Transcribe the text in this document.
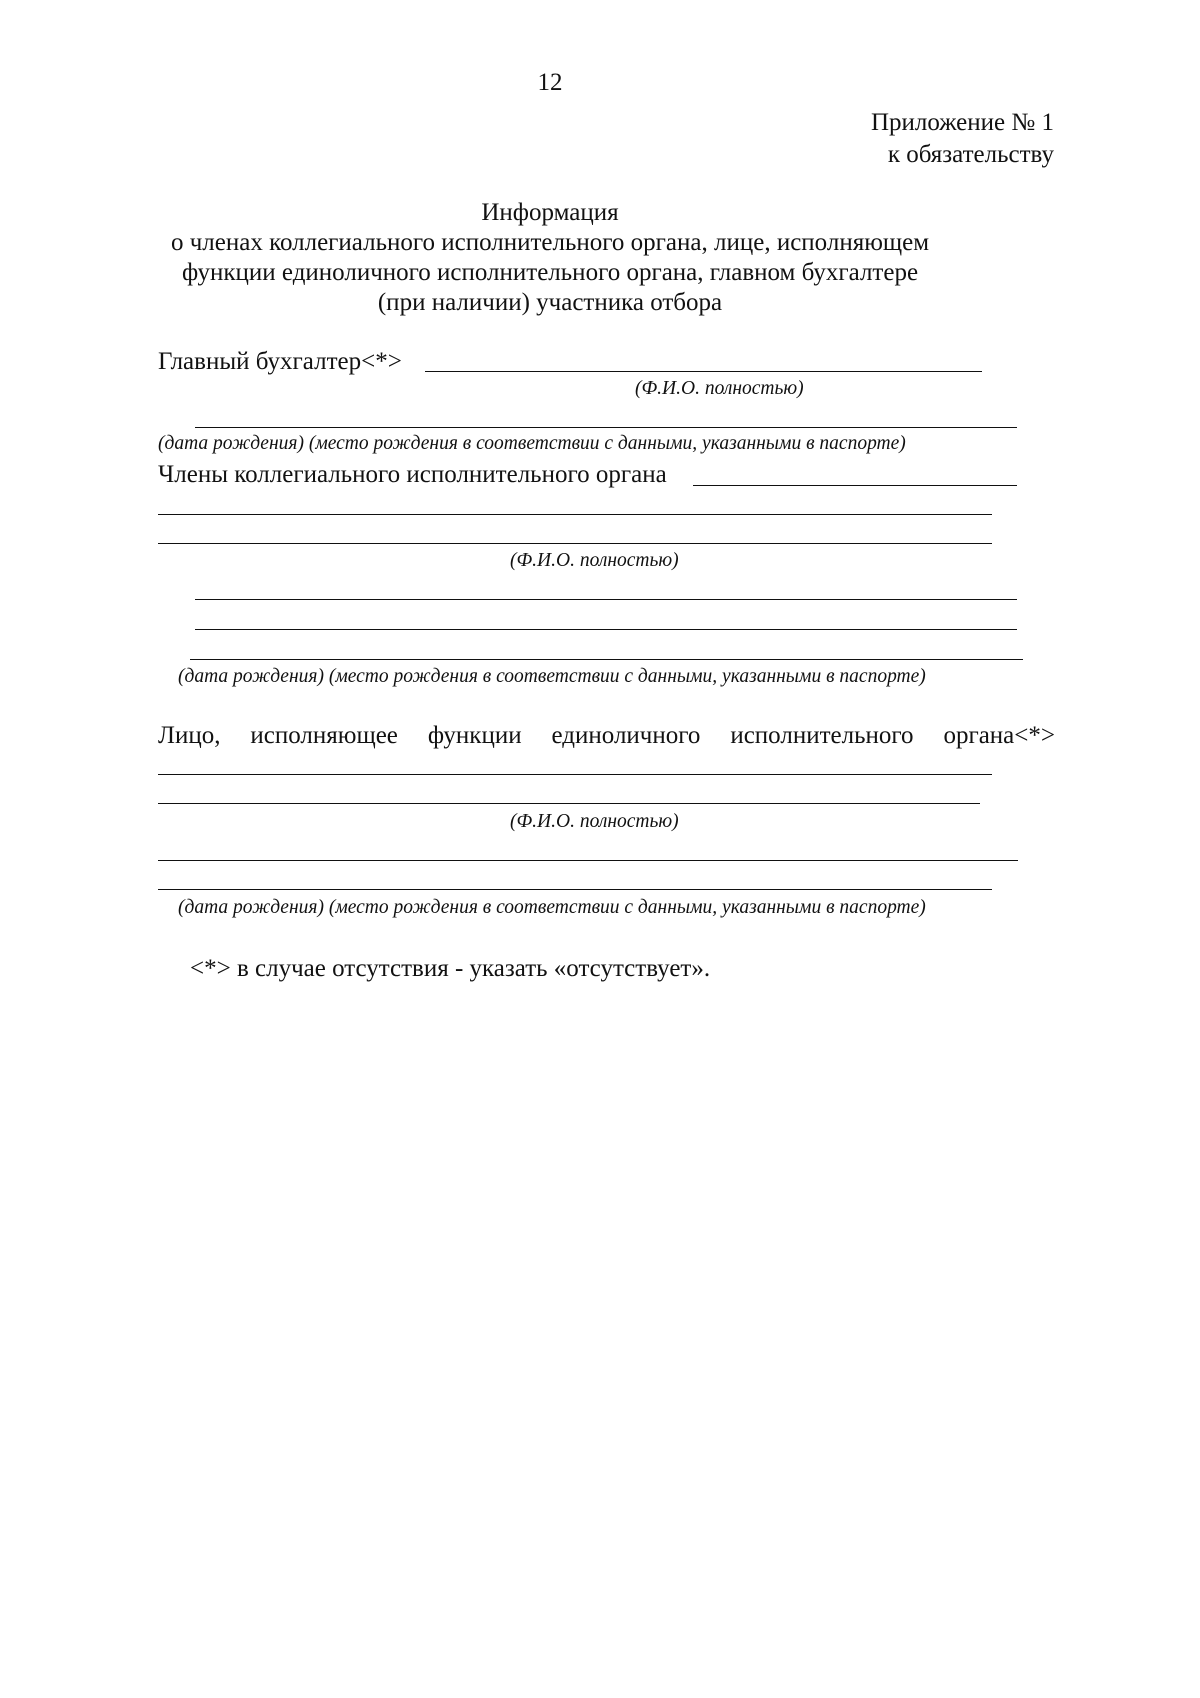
12
Приложение № 1
к обязательству
Информация
о членах коллегиального исполнительного органа, лице, исполняющем
функции единоличного исполнительного органа, главном бухгалтере
(при наличии) участника отбора
Главный бухгалтер<*>
(Ф.И.О. полностью)
(дата рождения) (место рождения в соответствии с данными, указанными в паспорте)
Члены коллегиального исполнительного органа
(Ф.И.О. полностью)
(дата рождения) (место рождения в соответствии с данными, указанными в паспорте)
Лицо, исполняющее функции единоличного исполнительного органа<*>
(Ф.И.О. полностью)
(дата рождения) (место рождения в соответствии с данными, указанными в паспорте)
<*> в случае отсутствия - указать «отсутствует».
